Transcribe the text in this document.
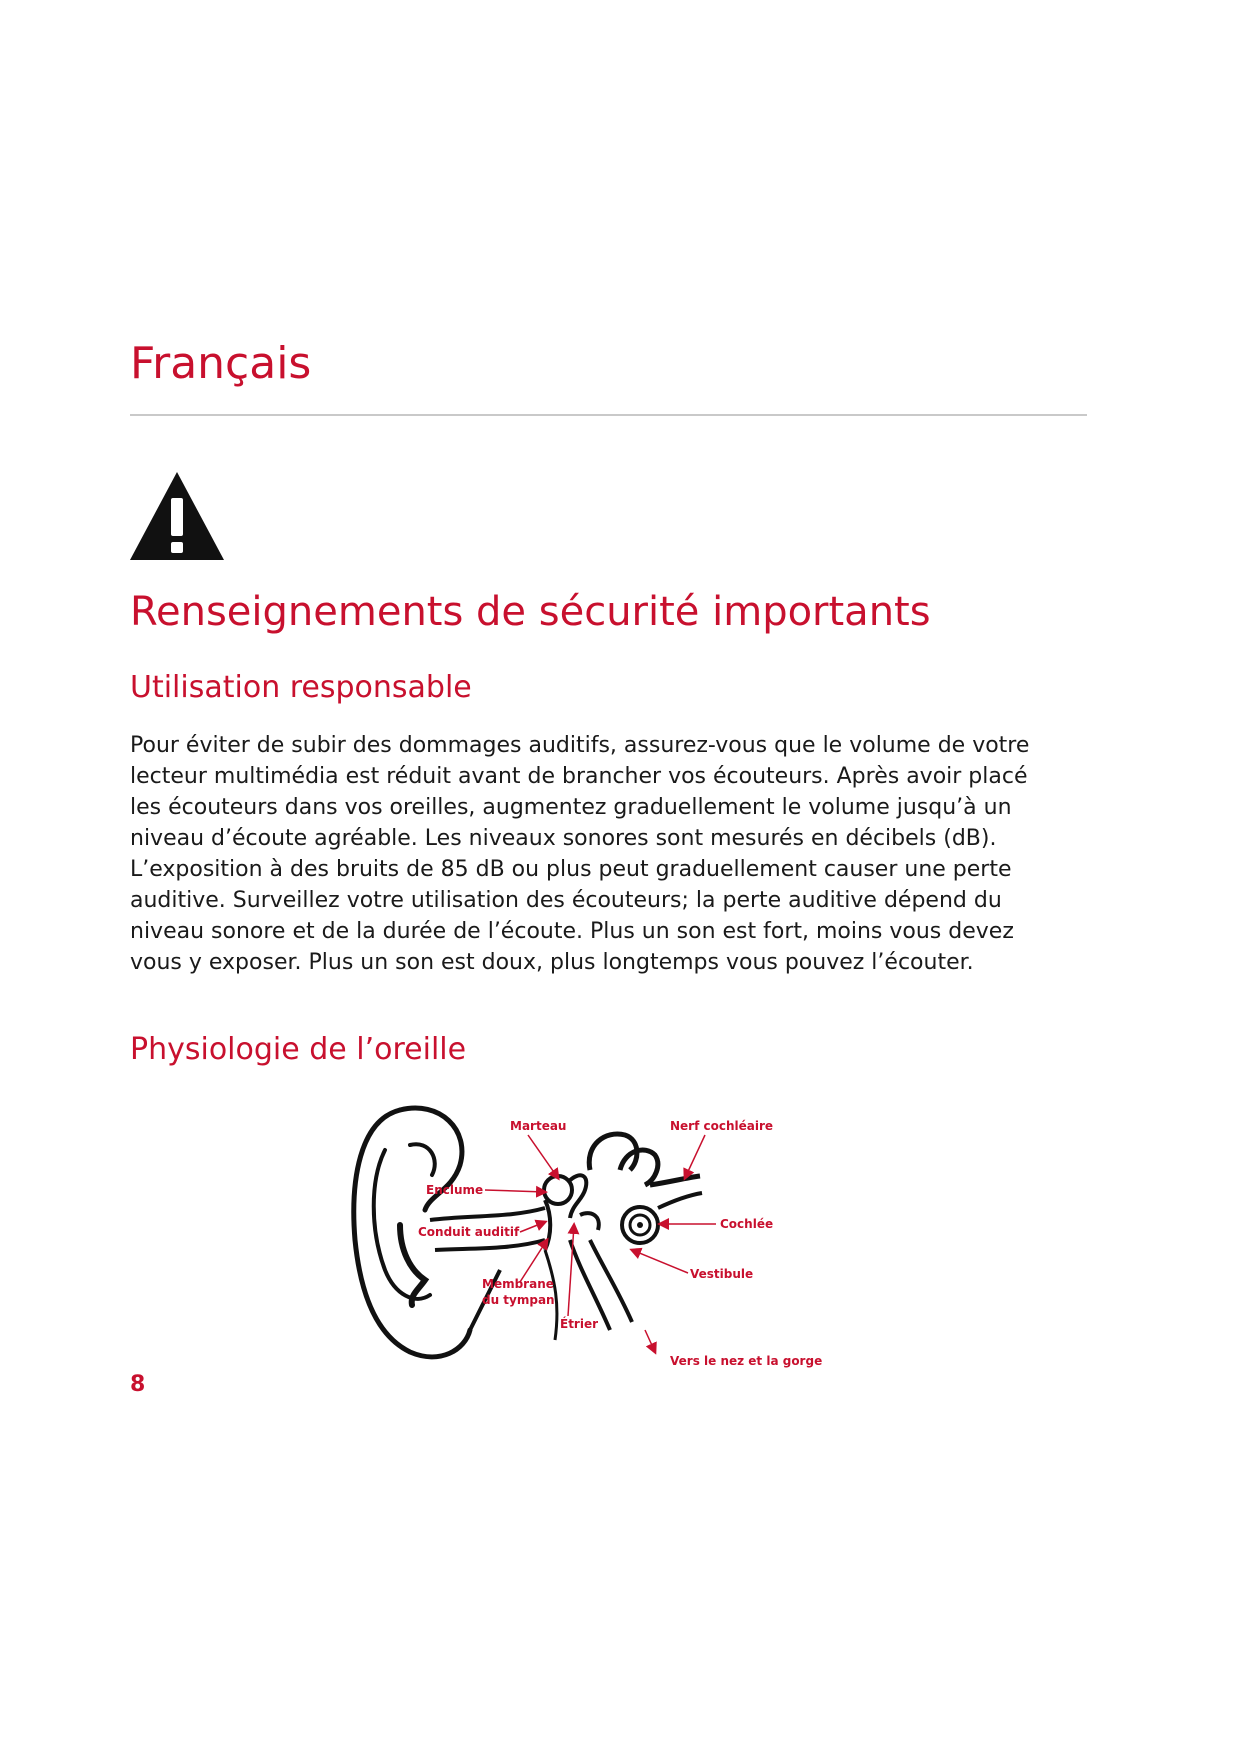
Français
Renseignements de sécurité importants
Utilisation responsable

Pour éviter de subir des dommages auditifs, assurez-vous que le volume de votre lecteur multimédia est réduit avant de brancher vos écouteurs. Après avoir placé les écouteurs dans vos oreilles, augmentez graduellement le volume jusqu’à un niveau d’écoute agréable. Les niveaux sonores sont mesurés en décibels (dB). L’exposition à des bruits de 85 dB ou plus peut graduellement causer une perte auditive. Surveillez votre utilisation des écouteurs; la perte auditive dépend du niveau sonore et de la durée de l’écoute. Plus un son est fort, moins vous devez vous y exposer. Plus un son est doux, plus longtemps vous pouvez l’écouter.

Physiologie de l’oreille
Marteau	Nerf cochléaire
Enclume
Conduit auditif
Cochlée
Vestibule
Membrane
du tympan
Étrier
Vers le nez et la gorge

8
